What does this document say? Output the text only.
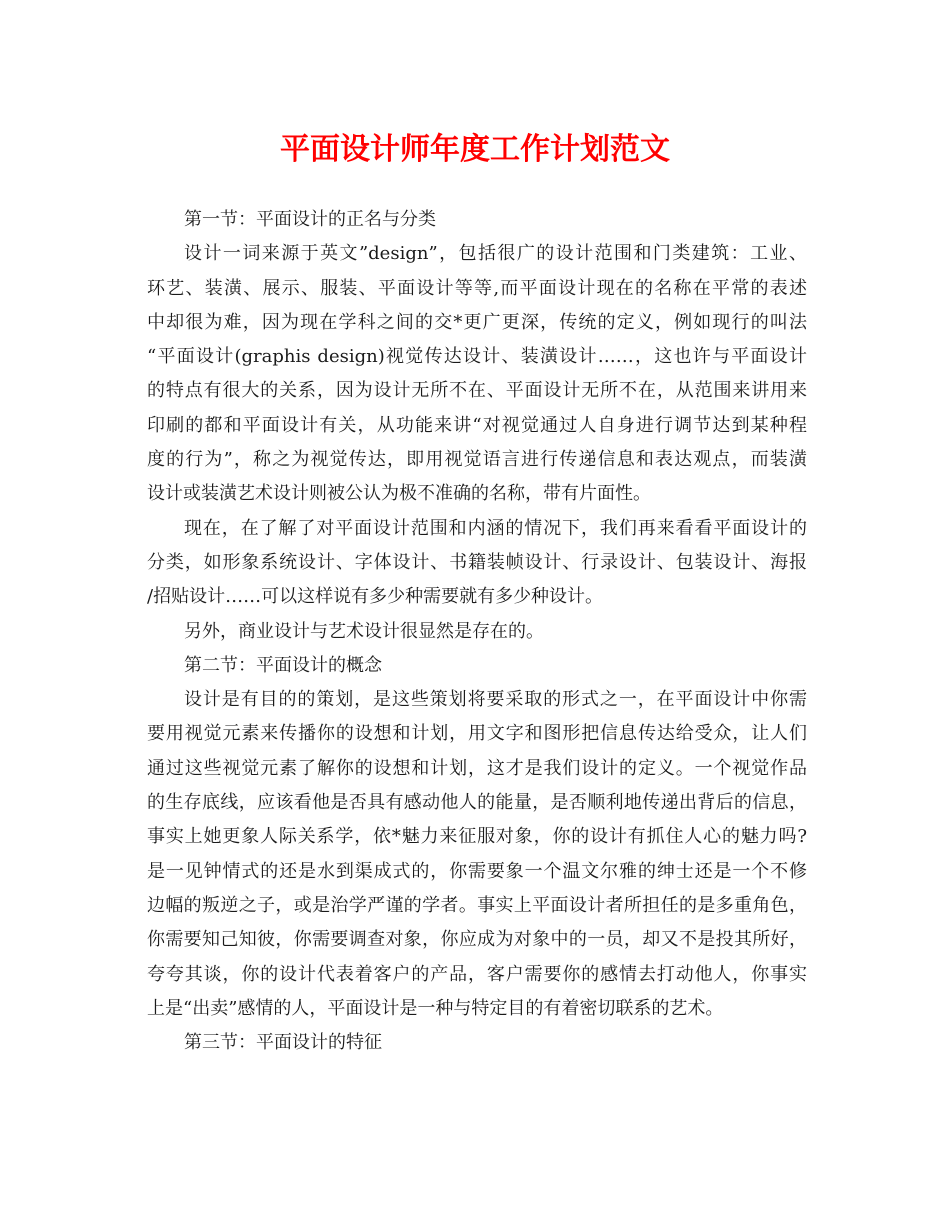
平面设计师年度工作计划范文
第一节：平面设计的正名与分类
设计一词来源于英文”design”，包括很广的设计范围和门类建筑：工业、
环艺、装潢、展示、服装、平面设计等等,而平面设计现在的名称在平常的表述
中却很为难，因为现在学科之间的交*更广更深，传统的定义，例如现行的叫法
“平面设计(graphis design)视觉传达设计、装潢设计……，这也许与平面设计
的特点有很大的关系，因为设计无所不在、平面设计无所不在，从范围来讲用来
印刷的都和平面设计有关，从功能来讲“对视觉通过人自身进行调节达到某种程
度的行为”，称之为视觉传达，即用视觉语言进行传递信息和表达观点，而装潢
设计或装潢艺术设计则被公认为极不准确的名称，带有片面性。
现在，在了解了对平面设计范围和内涵的情况下，我们再来看看平面设计的
分类，如形象系统设计、字体设计、书籍装帧设计、行录设计、包装设计、海报
/招贴设计……可以这样说有多少种需要就有多少种设计。
另外，商业设计与艺术设计很显然是存在的。
第二节：平面设计的概念
设计是有目的的策划，是这些策划将要采取的形式之一，在平面设计中你需
要用视觉元素来传播你的设想和计划，用文字和图形把信息传达给受众，让人们
通过这些视觉元素了解你的设想和计划，这才是我们设计的定义。一个视觉作品
的生存底线，应该看他是否具有感动他人的能量，是否顺利地传递出背后的信息，
事实上她更象人际关系学，依*魅力来征服对象，你的设计有抓住人心的魅力吗?
是一见钟情式的还是水到渠成式的，你需要象一个温文尔雅的绅士还是一个不修
边幅的叛逆之子，或是治学严谨的学者。事实上平面设计者所担任的是多重角色，
你需要知己知彼，你需要调查对象，你应成为对象中的一员，却又不是投其所好，
夸夸其谈，你的设计代表着客户的产品，客户需要你的感情去打动他人，你事实
上是“出卖”感情的人，平面设计是一种与特定目的有着密切联系的艺术。
第三节：平面设计的特征
